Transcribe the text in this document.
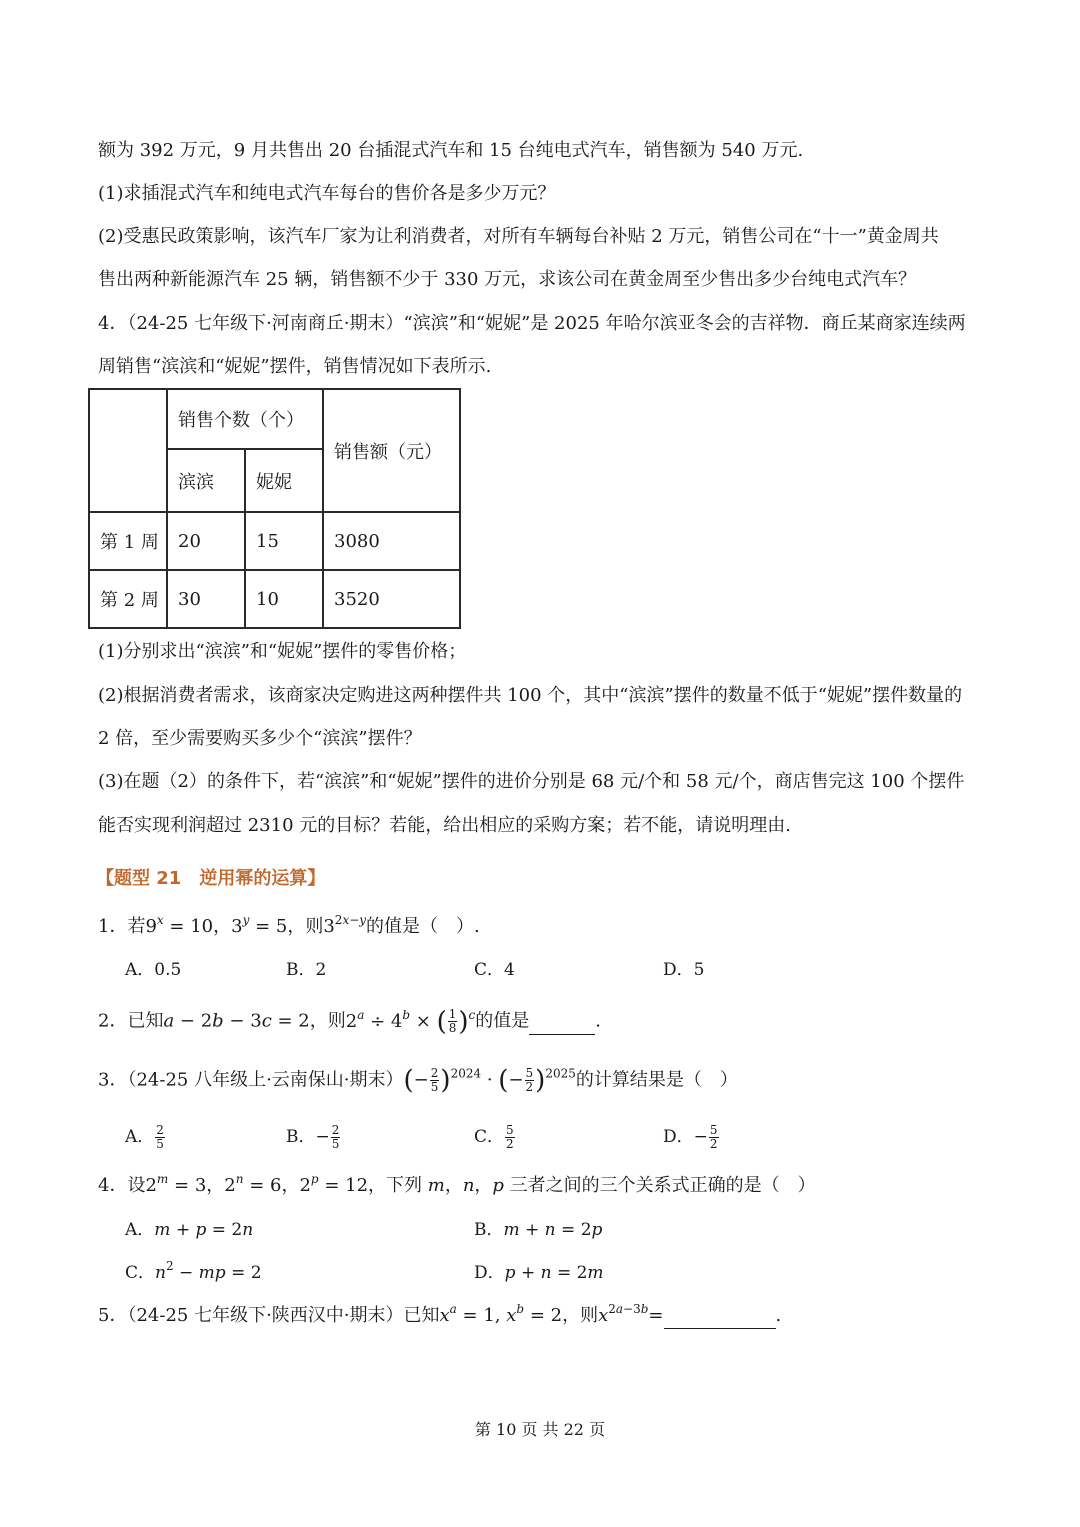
额为 392 万元，9 月共售出 20 台插混式汽车和 15 台纯电式汽车，销售额为 540 万元.
(1)求插混式汽车和纯电式汽车每台的售价各是多少万元？
(2)受惠民政策影响，该汽车厂家为让利消费者，对所有车辆每台补贴 2 万元，销售公司在“十一”黄金周共
售出两种新能源汽车 25 辆，销售额不少于 330 万元，求该公司在黄金周至少售出多少台纯电式汽车？
4．（24-25 七年级下·河南商丘·期末）“滨滨”和“妮妮”是 2025 年哈尔滨亚冬会的吉祥物．商丘某商家连续两
周销售“滨滨和“妮妮”摆件，销售情况如下表所示.
	销售个数（个）		销售额（元）
	滨滨	妮妮	
第 1 周	20	15	3080
第 2 周	30	10	3520
(1)分别求出“滨滨”和“妮妮”摆件的零售价格；
(2)根据消费者需求，该商家决定购进这两种摆件共 100 个，其中“滨滨”摆件的数量不低于“妮妮”摆件数量的
2 倍，至少需要购买多少个“滨滨”摆件？
(3)在题（2）的条件下，若“滨滨”和“妮妮”摆件的进价分别是 68 元/个和 58 元/个，商店售完这 100 个摆件
能否实现利润超过 2310 元的目标？若能，给出相应的采购方案；若不能，请说明理由.
【题型 21　逆用幂的运算】
1．若$9^x = 10$，$3^y = 5$，则$3^{2x-y}$的值是（　）.
A．0.5	B．2	C．4	D．5
2．已知a − 2b − 3c = 2，则$2^a \div 4^b$ × ( $\frac{1}{8} )^c$的值是	.
3．（24-25 八年级上·云南保山·期末）(− $\frac{2}{5} )^{2024}$ · (− $\frac{5}{2} )^{2025}$的计算结果是（　）
A． $\frac{2}{5}$	B．− $\frac{2}{5}$	C． $\frac{5}{2}$	D．− $\frac{5}{2}$
4．设$2^m = 3$，$2^n = 6$，$2^p = 12$，下列 m，n，p 三者之间的三个关系式正确的是（　）
A．m + p = 2n	B．m + n = 2p
C．$n^2$ − mp = 2	D．p + n = 2m
5．（24-25 七年级下·陕西汉中·期末）已知$x^a = 1$, $x^b = 2$，则$x^{2a-3b}=$	.
第 10 页 共 22 页
